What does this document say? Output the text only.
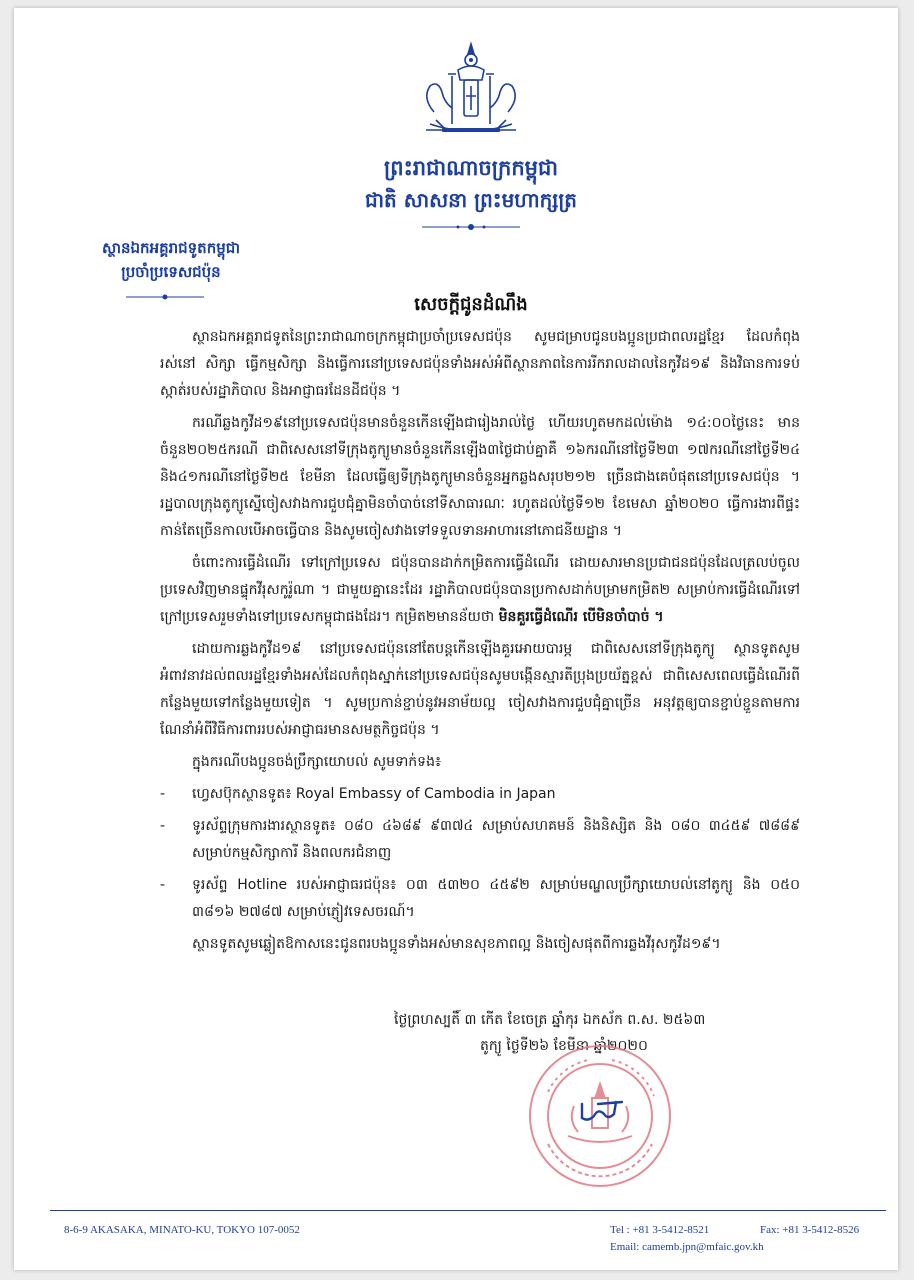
ព្រះរាជាណាចក្រកម្ពុជា
ជាតិ សាសនា ព្រះមហាក្សត្រ
ស្ថានឯកអគ្គរាជទូតកម្ពុជា
ប្រចាំប្រទេសជប៉ុន
សេចក្តីជូនដំណឹង

ស្ថានឯកអគ្គរាជទូតនៃព្រះរាជាណាចក្រកម្ពុជាប្រចាំប្រទេសជប៉ុន សូមជម្រាបជូនបងប្អូនប្រជាពលរដ្ឋខ្មែរ ដែលកំពុងរស់នៅ សិក្សា ធ្វើកម្មសិក្សា និងធ្វើការនៅប្រទេសជប៉ុនទាំងអស់អំពីស្ថានភាពនៃការរីករាលដាលនៃកូវីដ១៩ និងវិធានការទប់ស្កាត់របស់រដ្ឋាភិបាល និងអាជ្ញាធរដែនដីជប៉ុន ។

ករណីឆ្លងកូវីដ១៩នៅប្រទេសជប៉ុនមានចំនួនកើនឡើងជារៀងរាល់ថ្ងៃ ហើយរហូតមកដល់ម៉ោង ១៤:០០ថ្ងៃនេះ មានចំនួន២០២៥ករណី ជាពិសេសនៅទីក្រុងតូក្យូមានចំនួនកើនឡើង៣ថ្ងៃជាប់គ្នាគឺ ១៦ករណីនៅថ្ងៃទី២៣ ១៧ករណីនៅថ្ងៃទី២៤ និង៤១ករណីនៅថ្ងៃទី២៥ ខែមីនា ដែលធ្វើឲ្យទីក្រុងតូក្យូមានចំនួនអ្នកឆ្លងសរុប២១២ ច្រើនជាងគេបំផុតនៅប្រទេសជប៉ុន ។ រដ្ឋបាលក្រុងតូក្យូស្នើចៀសវាងការជួបជុំគ្នាមិនចាំបាច់នៅទីសាធារណៈ រហូតដល់ថ្ងៃទី១២ ខែមេសា ឆ្នាំ២០២០ ធ្វើការងារពីផ្ទះកាន់តែច្រើនកាលបើអាចធ្វើបាន និងសូមចៀសវាងទៅទទួលទានអាហារនៅភោជនីយដ្ឋាន ។

ចំពោះការធ្វើដំណើរ ទៅក្រៅប្រទេស ជប៉ុនបានដាក់កម្រិតការធ្វើដំណើរ ដោយសារមានប្រជាជនជប៉ុនដែលត្រលប់ចូលប្រទេសវិញមានផ្ទុកវីរុសកូរ៉ូណា ។ ជាមួយគ្នានេះដែរ រដ្ឋាភិបាលជប៉ុនបានប្រកាសដាក់បម្រាមកម្រិត២ សម្រាប់ការធ្វើដំណើរទៅក្រៅប្រទេសរួមទាំងទៅប្រទេសកម្ពុជាផងដែរ។ កម្រិត២មានន័យថា មិនគួរធ្វើដំណើរ បើមិនចាំបាច់ ។

ដោយការឆ្លងកូវីដ១៩ នៅប្រទេសជប៉ុននៅតែបន្តកើនឡើងគួរអោយបារម្ភ ជាពិសេសនៅទីក្រុងតូក្យូ ស្ថានទូតសូមអំពាវនាវដល់ពលរដ្ឋខ្មែរទាំងអស់ដែលកំពុងស្នាក់នៅប្រទេសជប៉ុនសូមបង្កើនស្មារតីប្រុងប្រយ័ត្នខ្ពស់ ជាពិសេសពេលធ្វើដំណើរពីកន្លែងមួយទៅកន្លែងមួយទៀត ។ សូមប្រកាន់ខ្ជាប់នូវអនាម័យល្អ ចៀសវាងការជួបជុំគ្នាច្រើន អនុវត្តឲ្យបានខ្ជាប់ខ្ជួនតាមការណែនាំអំពីវិធីការពាររបស់អាជ្ញាធរមានសមត្ថកិច្ចជប៉ុន ។

ក្នុងករណីបងប្អូនចង់ប្រឹក្សាយោបល់ សូមទាក់ទង៖

- ហ្វេសប៊ុកស្ថានទូត៖ Royal Embassy of Cambodia in Japan

- ទូរស័ព្ទក្រុមការងារស្ថានទូត៖ ០៨០ ៤៦៨៩ ៩៣៧៤ សម្រាប់សហគមន៍ និងនិស្សិត និង ០៨០ ៣៤៥៩ ៧៨៨៩ សម្រាប់កម្មសិក្សាការី និងពលករជំនាញ

- ទូរស័ព្ទ Hotline របស់អាជ្ញាធរជប៉ុន៖ ០៣ ៥៣២០ ៤៥៩២ សម្រាប់មណ្ឌលប្រឹក្សាយោបល់នៅតូក្យូ និង ០៥០ ៣៨១៦ ២៧៨៧ សម្រាប់ភ្ញៀវទេសចរណ៍។

ស្ថានទូតសូមឆ្លៀតឱកាសនេះជូនពរបងប្អូនទាំងអស់មានសុខភាពល្អ និងចៀសផុតពីការឆ្លងវីរុសកូវីដ១៩។

ថ្ងៃព្រហស្បតិ៍ ៣ កើត ខែចេត្រ ឆ្នាំកុរ ឯកស័ក ព.ស. ២៥៦៣
តូក្យូ ថ្ងៃទី២៦ ខែមីនា ឆ្នាំ២០២០
8-6-9 AKASAKA, MINATO-KU, TOKYO 107-0052	Tel : +81 3-5412-8521	Fax: +81 3-5412-8526
Email: camemb.jpn@mfaic.gov.kh
